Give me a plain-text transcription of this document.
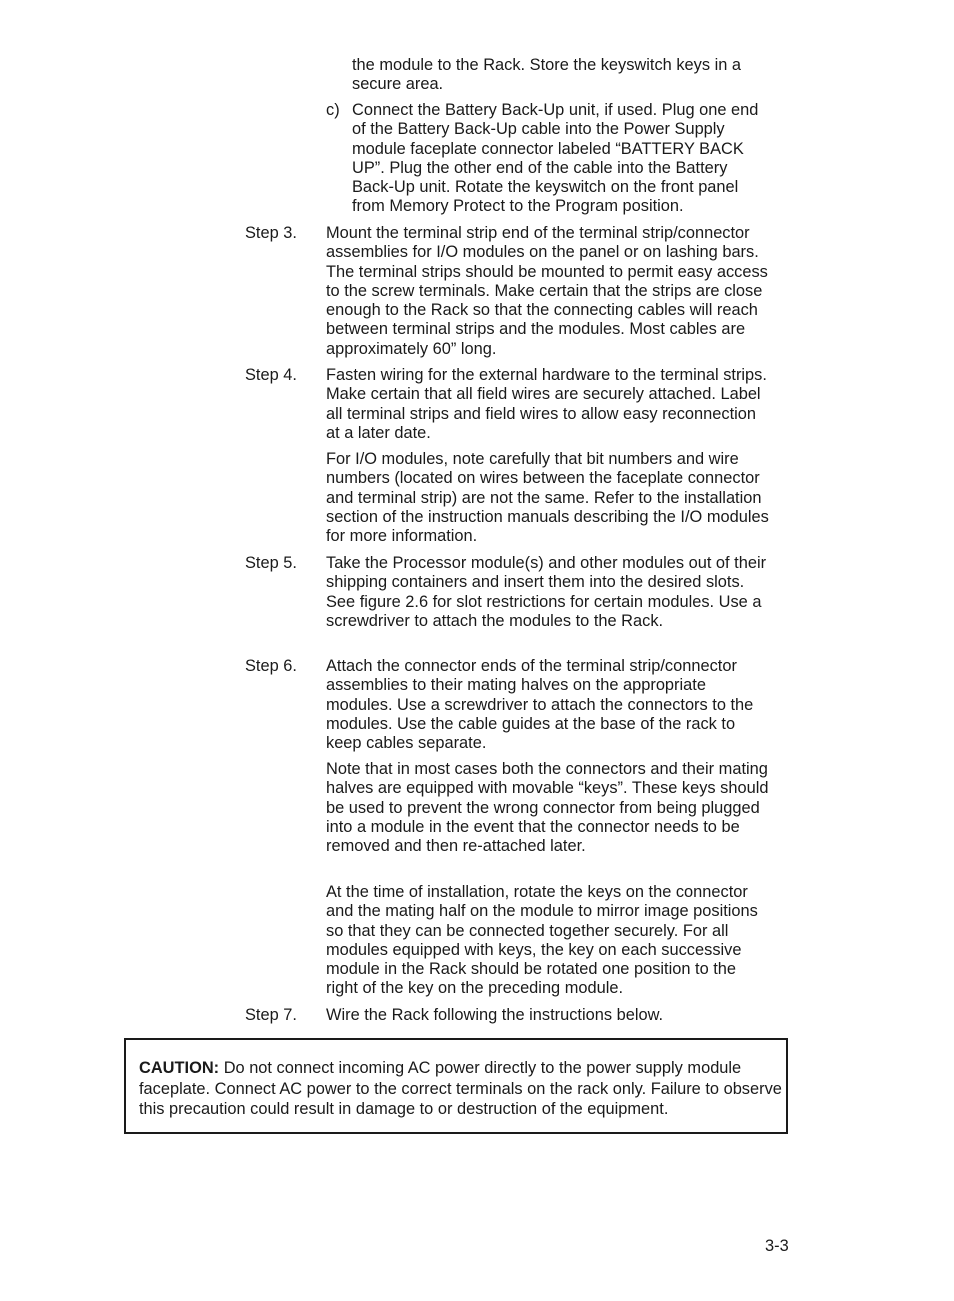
the module to the Rack. Store the keyswitch keys in a secure area.

c) Connect the Battery Back-Up unit, if used. Plug one end of the Battery Back-Up cable into the Power Supply module faceplate connector labeled “BATTERY BACK UP”. Plug the other end of the cable into the Battery Back-Up unit. Rotate the keyswitch on the front panel from Memory Protect to the Program position.

Step 3. Mount the terminal strip end of the terminal strip/connector assemblies for I/O modules on the panel or on lashing bars. The terminal strips should be mounted to permit easy access to the screw terminals. Make certain that the strips are close enough to the Rack so that the connecting cables will reach between terminal strips and the modules. Most cables are approximately 60” long.

Step 4. Fasten wiring for the external hardware to the terminal strips. Make certain that all field wires are securely attached. Label all terminal strips and field wires to allow easy reconnection at a later date.

For I/O modules, note carefully that bit numbers and wire numbers (located on wires between the faceplate connector and terminal strip) are not the same. Refer to the installation section of the instruction manuals describing the I/O modules for more information.

Step 5. Take the Processor module(s) and other modules out of their shipping containers and insert them into the desired slots. See figure 2.6 for slot restrictions for certain modules. Use a screwdriver to attach the modules to the Rack.

Step 6. Attach the connector ends of the terminal strip/connector assemblies to their mating halves on the appropriate modules. Use a screwdriver to attach the connectors to the modules. Use the cable guides at the base of the rack to keep cables separate.

Note that in most cases both the connectors and their mating halves are equipped with movable “keys”. These keys should be used to prevent the wrong connector from being plugged into a module in the event that the connector needs to be removed and then re-attached later.

At the time of installation, rotate the keys on the connector and the mating half on the module to mirror image positions so that they can be connected together securely. For all modules equipped with keys, the key on each successive module in the Rack should be rotated one position to the right of the key on the preceding module.

Step 7. Wire the Rack following the instructions below.

CAUTION: Do not connect incoming AC power directly to the power supply module faceplate. Connect AC power to the correct terminals on the rack only. Failure to observe this precaution could result in damage to or destruction of the equipment.

3-3
